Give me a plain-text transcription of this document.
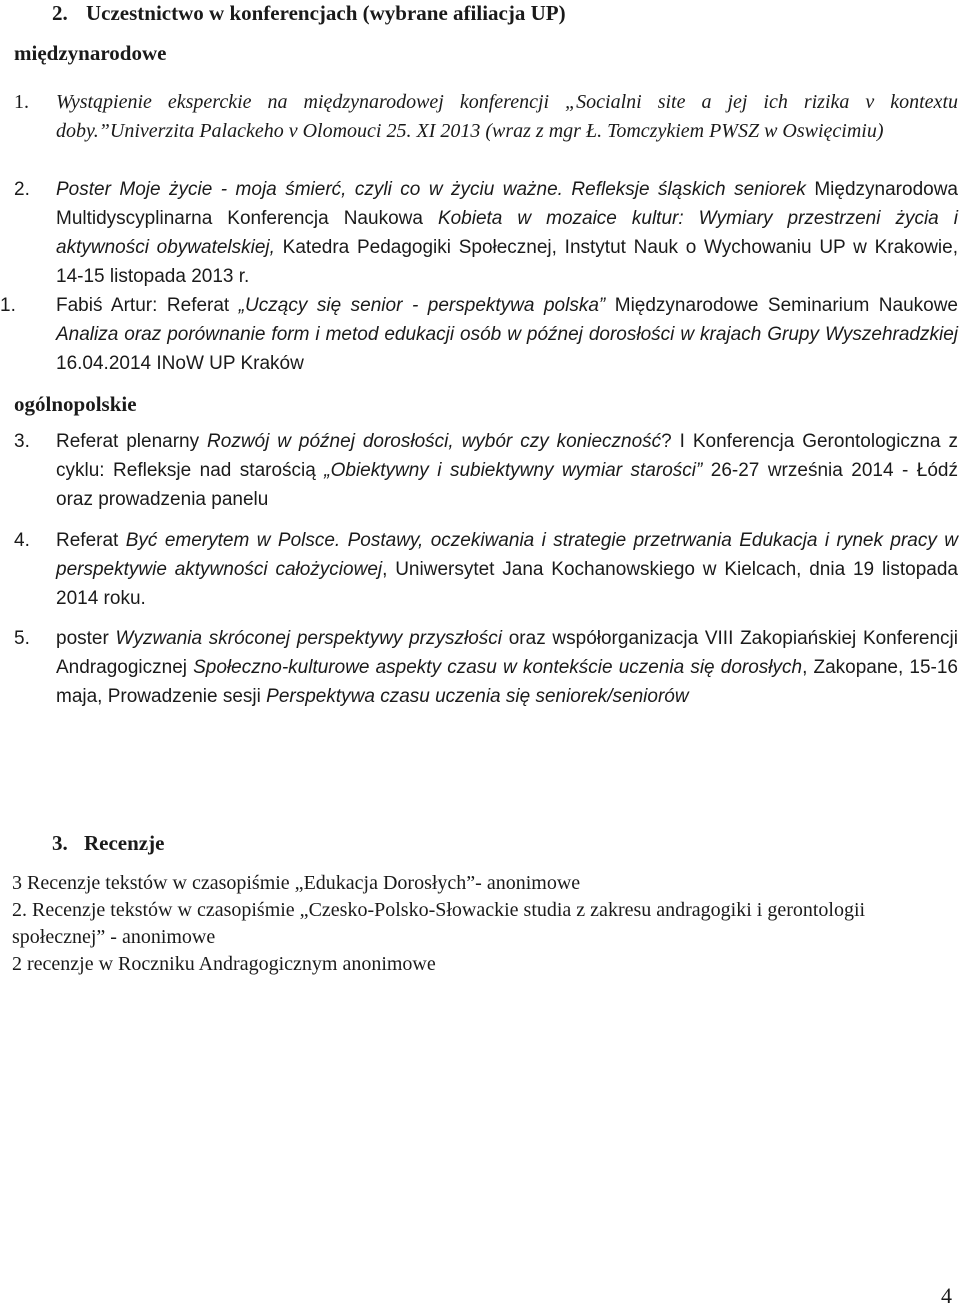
2. Uczestnictwo w konferencjach (wybrane afiliacja UP)
międzynarodowe
1.	Wystąpienie eksperckie na międzynarodowej konferencji „Socialni site a jej ich rizika v kontextu doby.”Univerzita Palackeho v Olomouci 25. XI 2013 (wraz z mgr Ł. Tomczykiem PWSZ w Oswięcimiu)
2.	Poster Moje życie - moja śmierć, czyli co w życiu ważne. Refleksje śląskich seniorek Międzynarodowa Multidyscyplinarna Konferencja Naukowa Kobieta w mozaice kultur: Wymiary przestrzeni życia i aktywności obywatelskiej, Katedra Pedagogiki Społecznej, Instytut Nauk o Wychowaniu UP w Krakowie, 14-15 listopada 2013 r.
1.	Fabiś Artur: Referat „Uczący się senior - perspektywa polska” Międzynarodowe Seminarium Naukowe Analiza oraz porównanie form i metod edukacji osób w późnej dorosłości w krajach Grupy Wyszehradzkiej 16.04.2014 INoW UP Kraków
ogólnopolskie
3.	Referat plenarny Rozwój w późnej dorosłości, wybór czy konieczność? I Konferencja Gerontologiczna z cyklu: Refleksje nad starością „Obiektywny i subiektywny wymiar starości” 26-27 września 2014 - Łódź oraz prowadzenia panelu
4.	Referat Być emerytem w Polsce. Postawy, oczekiwania i strategie przetrwania Edukacja i rynek pracy w perspektywie aktywności całożyciowej, Uniwersytet Jana Kochanowskiego w Kielcach, dnia 19 listopada 2014 roku.
5.	poster Wyzwania skróconej perspektywy przyszłości oraz współorganizacja VIII Zakopiańskiej Konferencji Andragogicznej Społeczno-kulturowe aspekty czasu w kontekście uczenia się dorosłych, Zakopane, 15-16 maja, Prowadzenie sesji Perspektywa czasu uczenia się seniorek/seniorów
3. Recenzje
3 Recenzje tekstów w czasopiśmie „Edukacja Dorosłych”- anonimowe
2. Recenzje tekstów w czasopiśmie „Czesko-Polsko-Słowackie studia z zakresu andragogiki i gerontologii społecznej” - anonimowe
2 recenzje w Roczniku Andragogicznym anonimowe
4
